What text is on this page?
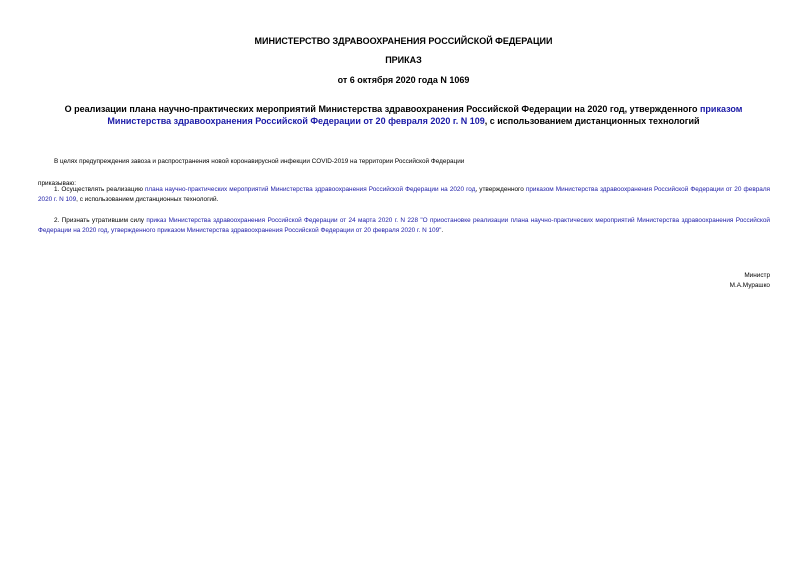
МИНИСТЕРСТВО ЗДРАВООХРАНЕНИЯ РОССИЙСКОЙ ФЕДЕРАЦИИ
ПРИКАЗ
от 6 октября 2020 года N 1069
О реализации плана научно-практических мероприятий Министерства здравоохранения Российской Федерации на 2020 год, утвержденного приказом Министерства здравоохранения Российской Федерации от 20 февраля 2020 г. N 109, с использованием дистанционных технологий
В целях предупреждения завоза и распространения новой коронавирусной инфекции COVID-2019 на территории Российской Федерации
приказываю:
1. Осуществлять реализацию плана научно-практических мероприятий Министерства здравоохранения Российской Федерации на 2020 год, утвержденного приказом Министерства здравоохранения Российской Федерации от 20 февраля 2020 г. N 109, с использованием дистанционных технологий.
2. Признать утратившим силу приказ Министерства здравоохранения Российской Федерации от 24 марта 2020 г. N 228 "О приостановке реализации плана научно-практических мероприятий Министерства здравоохранения Российской Федерации на 2020 год, утвержденного приказом Министерства здравоохранения Российской Федерации от 20 февраля 2020 г. N 109".
Министр
М.А.Мурашко
